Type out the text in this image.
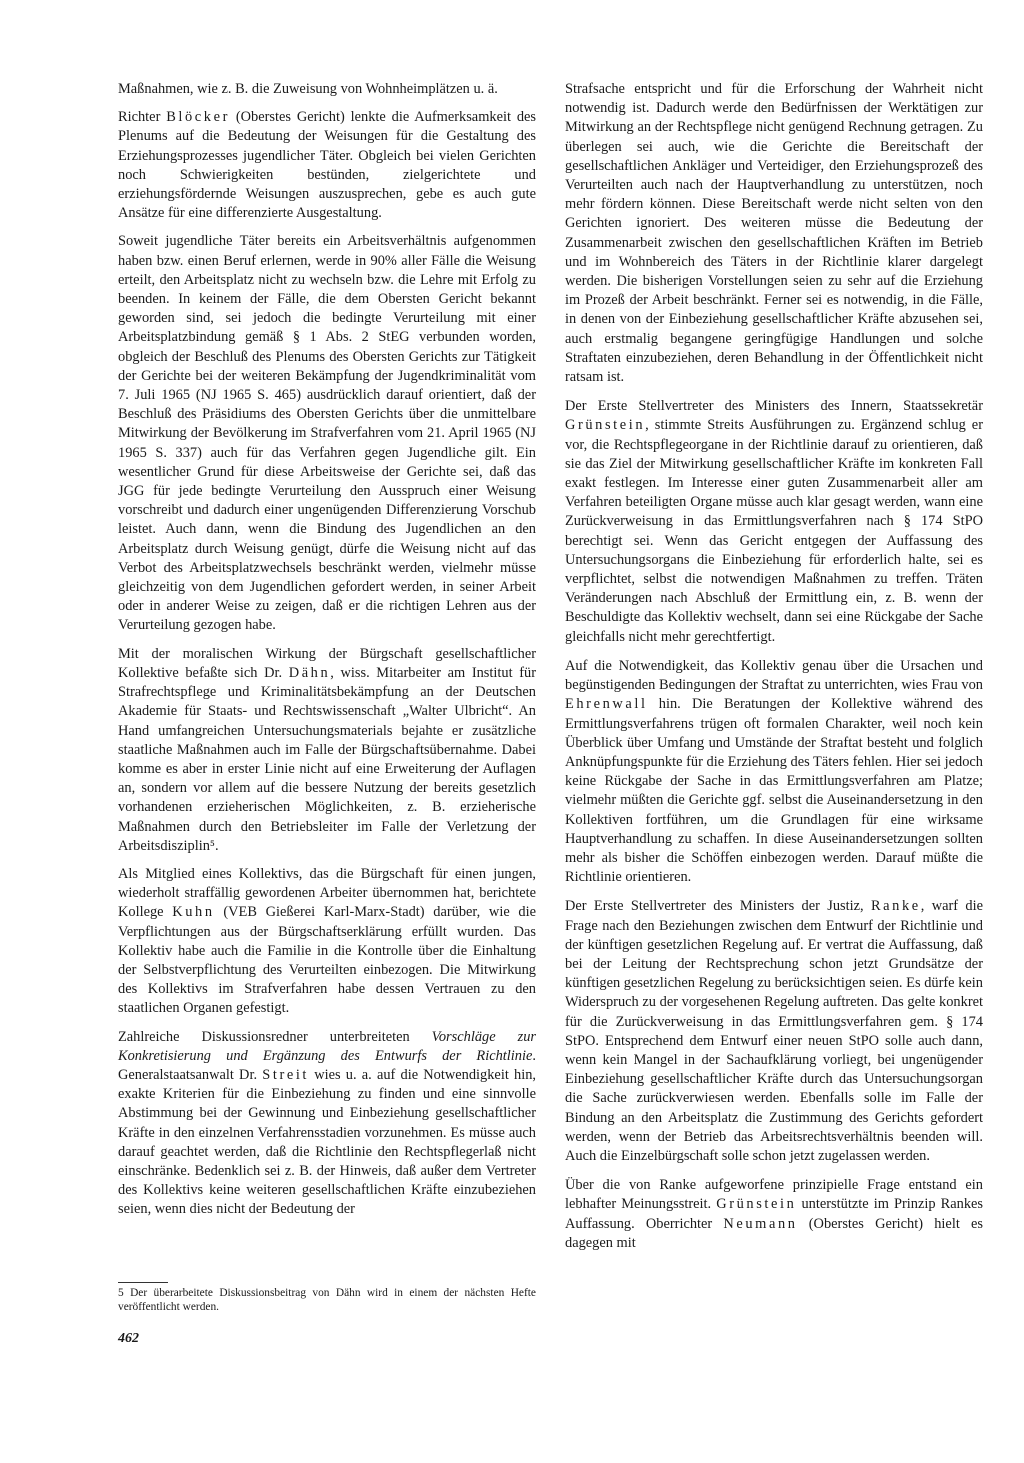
Maßnahmen, wie z. B. die Zuweisung von Wohnheimplätzen u. ä.

Richter Blöcker (Oberstes Gericht) lenkte die Aufmerksamkeit des Plenums auf die Bedeutung der Weisungen für die Gestaltung des Erziehungsprozesses jugendlicher Täter. Obgleich bei vielen Gerichten noch Schwierigkeiten bestünden, zielgerichtete und erziehungsfördernde Weisungen auszusprechen, gebe es auch gute Ansätze für eine differenzierte Ausgestaltung.

Soweit jugendliche Täter bereits ein Arbeitsverhältnis aufgenommen haben bzw. einen Beruf erlernen, werde in 90% aller Fälle die Weisung erteilt, den Arbeitsplatz nicht zu wechseln bzw. die Lehre mit Erfolg zu beenden. In keinem der Fälle, die dem Obersten Gericht bekannt geworden sind, sei jedoch die bedingte Verurteilung mit einer Arbeitsplatzbindung gemäß § 1 Abs. 2 StEG verbunden worden, obgleich der Beschluß des Plenums des Obersten Gerichts zur Tätigkeit der Gerichte bei der weiteren Bekämpfung der Jugendkriminalität vom 7. Juli 1965 (NJ 1965 S. 465) ausdrücklich darauf orientiert, daß der Beschluß des Präsidiums des Obersten Gerichts über die unmittelbare Mitwirkung der Bevölkerung im Strafverfahren vom 21. April 1965 (NJ 1965 S. 337) auch für das Verfahren gegen Jugendliche gilt. Ein wesentlicher Grund für diese Arbeitsweise der Gerichte sei, daß das JGG für jede bedingte Verurteilung den Ausspruch einer Weisung vorschreibt und dadurch einer ungenügenden Differenzierung Vorschub leistet. Auch dann, wenn die Bindung des Jugendlichen an den Arbeitsplatz durch Weisung genügt, dürfe die Weisung nicht auf das Verbot des Arbeitsplatzwechsels beschränkt werden, vielmehr müsse gleichzeitig von dem Jugendlichen gefordert werden, in seiner Arbeit oder in anderer Weise zu zeigen, daß er die richtigen Lehren aus der Verurteilung gezogen habe.

Mit der moralischen Wirkung der Bürgschaft gesellschaftlicher Kollektive befaßte sich Dr. Dähn, wiss. Mitarbeiter am Institut für Strafrechtspflege und Kriminalitätsbekämpfung an der Deutschen Akademie für Staats- und Rechtswissenschaft „Walter Ulbricht“. An Hand umfangreichen Untersuchungsmaterials bejahte er zusätzliche staatliche Maßnahmen auch im Falle der Bürgschaftsübernahme. Dabei komme es aber in erster Linie nicht auf eine Erweiterung der Auflagen an, sondern vor allem auf die bessere Nutzung der bereits gesetzlich vorhandenen erzieherischen Möglichkeiten, z. B. erzieherische Maßnahmen durch den Betriebsleiter im Falle der Verletzung der Arbeitsdisziplin⁵.

Als Mitglied eines Kollektivs, das die Bürgschaft für einen jungen, wiederholt straffällig gewordenen Arbeiter übernommen hat, berichtete Kollege Kuhn (VEB Gießerei Karl-Marx-Stadt) darüber, wie die Verpflichtungen aus der Bürgschaftserklärung erfüllt wurden. Das Kollektiv habe auch die Familie in die Kontrolle über die Einhaltung der Selbstverpflichtung des Verurteilten einbezogen. Die Mitwirkung des Kollektivs im Strafverfahren habe dessen Vertrauen zu den staatlichen Organen gefestigt.

Zahlreiche Diskussionsredner unterbreiteten Vorschläge zur Konkretisierung und Ergänzung des Entwurfs der Richtlinie. Generalstaatsanwalt Dr. Streit wies u. a. auf die Notwendigkeit hin, exakte Kriterien für die Einbeziehung zu finden und eine sinnvolle Abstimmung bei der Gewinnung und Einbeziehung gesellschaftlicher Kräfte in den einzelnen Verfahrensstadien vorzunehmen. Es müsse auch darauf geachtet werden, daß die Richtlinie den Rechtspflegerlaß nicht einschränke. Bedenklich sei z. B. der Hinweis, daß außer dem Vertreter des Kollektivs keine weiteren gesellschaftlichen Kräfte einzubeziehen seien, wenn dies nicht der Bedeutung der

Strafsache entspricht und für die Erforschung der Wahrheit nicht notwendig ist. Dadurch werde den Bedürfnissen der Werktätigen zur Mitwirkung an der Rechtspflege nicht genügend Rechnung getragen. Zu überlegen sei auch, wie die Gerichte die Bereitschaft der gesellschaftlichen Ankläger und Verteidiger, den Erziehungsprozeß des Verurteilten auch nach der Hauptverhandlung zu unterstützen, noch mehr fördern können. Diese Bereitschaft werde nicht selten von den Gerichten ignoriert. Des weiteren müsse die Bedeutung der Zusammenarbeit zwischen den gesellschaftlichen Kräften im Betrieb und im Wohnbereich des Täters in der Richtlinie klarer dargelegt werden. Die bisherigen Vorstellungen seien zu sehr auf die Erziehung im Prozeß der Arbeit beschränkt. Ferner sei es notwendig, in die Fälle, in denen von der Einbeziehung gesellschaftlicher Kräfte abzusehen sei, auch erstmalig begangene geringfügige Handlungen und solche Straftaten einzubeziehen, deren Behandlung in der Öffentlichkeit nicht ratsam ist.

Der Erste Stellvertreter des Ministers des Innern, Staatssekretär Grünstein, stimmte Streits Ausführungen zu. Ergänzend schlug er vor, die Rechtspflegeorgane in der Richtlinie darauf zu orientieren, daß sie das Ziel der Mitwirkung gesellschaftlicher Kräfte im konkreten Fall exakt festlegen. Im Interesse einer guten Zusammenarbeit aller am Verfahren beteiligten Organe müsse auch klar gesagt werden, wann eine Zurückverweisung in das Ermittlungsverfahren nach § 174 StPO berechtigt sei. Wenn das Gericht entgegen der Auffassung des Untersuchungsorgans die Einbeziehung für erforderlich halte, sei es verpflichtet, selbst die notwendigen Maßnahmen zu treffen. Träten Veränderungen nach Abschluß der Ermittlung ein, z. B. wenn der Beschuldigte das Kollektiv wechselt, dann sei eine Rückgabe der Sache gleichfalls nicht mehr gerechtfertigt.

Auf die Notwendigkeit, das Kollektiv genau über die Ursachen und begünstigenden Bedingungen der Straftat zu unterrichten, wies Frau von Ehrenwall hin. Die Beratungen der Kollektive während des Ermittlungsverfahrens trügen oft formalen Charakter, weil noch kein Überblick über Umfang und Umstände der Straftat besteht und folglich Anknüpfungspunkte für die Erziehung des Täters fehlen. Hier sei jedoch keine Rückgabe der Sache in das Ermittlungsverfahren am Platze; vielmehr müßten die Gerichte ggf. selbst die Auseinandersetzung in den Kollektiven fortführen, um die Grundlagen für eine wirksame Hauptverhandlung zu schaffen. In diese Auseinandersetzungen sollten mehr als bisher die Schöffen einbezogen werden. Darauf müßte die Richtlinie orientieren.

Der Erste Stellvertreter des Ministers der Justiz, Ranke, warf die Frage nach den Beziehungen zwischen dem Entwurf der Richtlinie und der künftigen gesetzlichen Regelung auf. Er vertrat die Auffassung, daß bei der Leitung der Rechtsprechung schon jetzt Grundsätze der künftigen gesetzlichen Regelung zu berücksichtigen seien. Es dürfe kein Widerspruch zu der vorgesehenen Regelung auftreten. Das gelte konkret für die Zurückverweisung in das Ermittlungsverfahren gem. § 174 StPO. Entsprechend dem Entwurf einer neuen StPO solle auch dann, wenn kein Mangel in der Sachaufklärung vorliegt, bei ungenügender Einbeziehung gesellschaftlicher Kräfte durch das Untersuchungsorgan die Sache zurückverwiesen werden. Ebenfalls solle im Falle der Bindung an den Arbeitsplatz die Zustimmung des Gerichts gefordert werden, wenn der Betrieb das Arbeitsrechtsverhältnis beenden will. Auch die Einzelbürgschaft solle schon jetzt zugelassen werden.

Über die von Ranke aufgeworfene prinzipielle Frage entstand ein lebhafter Meinungsstreit. Grünstein unterstützte im Prinzip Rankes Auffassung. Oberrichter Neumann (Oberstes Gericht) hielt es dagegen mit

5 Der überarbeitete Diskussionsbeitrag von Dähn wird in einem der nächsten Hefte veröffentlicht werden.
462
